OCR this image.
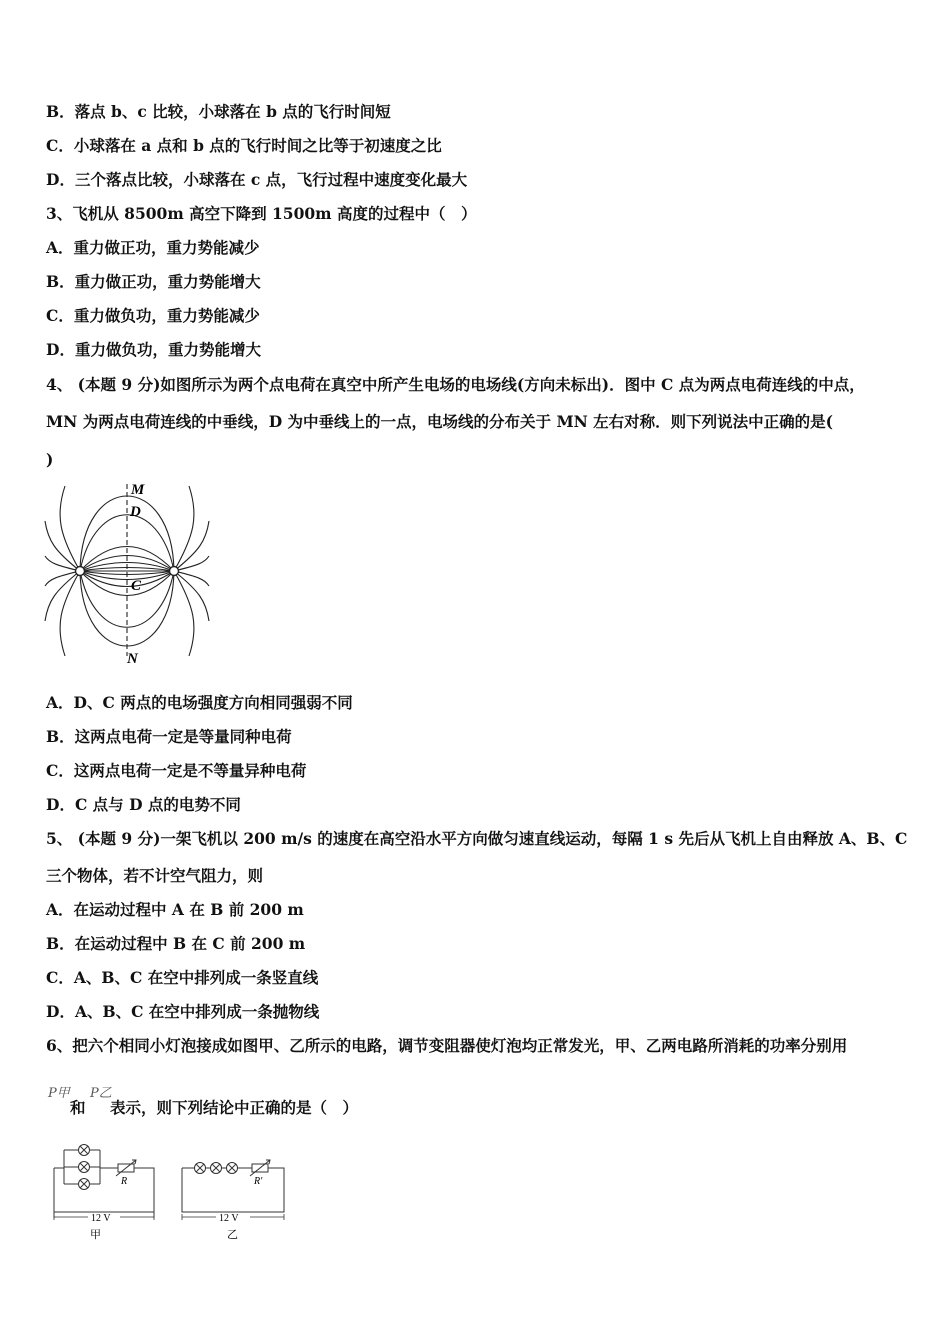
B．落点 b、c 比较，小球落在 b 点的飞行时间短
C．小球落在 a 点和 b 点的飞行时间之比等于初速度之比
D．三个落点比较，小球落在 c 点，飞行过程中速度变化最大
3、飞机从 8500m 高空下降到 1500m 高度的过程中（　）
A．重力做正功，重力势能减少
B．重力做正功，重力势能增大
C．重力做负功，重力势能减少
D．重力做负功，重力势能增大
4、 (本题 9 分)如图所示为两个点电荷在真空中所产生电场的电场线(方向未标出)．图中 C 点为两点电荷连线的中点，
MN 为两点电荷连线的中垂线，D 为中垂线上的一点，电场线的分布关于 MN 左右对称．则下列说法中正确的是(
)
M
D
C
N
A．D、C 两点的电场强度方向相同强弱不同
B．这两点电荷一定是等量同种电荷
C．这两点电荷一定是不等量异种电荷
D．C 点与 D 点的电势不同
5、 (本题 9 分)一架飞机以 200 m/s 的速度在高空沿水平方向做匀速直线运动，每隔 1 s 先后从飞机上自由释放 A、B、C
三个物体，若不计空气阻力，则
A．在运动过程中 A 在 B 前 200 m
B．在运动过程中 B 在 C 前 200 m
C．A、B、C 在空中排列成一条竖直线
D．A、B、C 在空中排列成一条抛物线
6、把六个相同小灯泡接成如图甲、乙所示的电路，调节变阻器使灯泡均正常发光，甲、乙两电路所消耗的功率分别用
P甲
和
P乙
表示，则下列结论中正确的是（　）
12 V	12 V
R	R'
甲	乙
